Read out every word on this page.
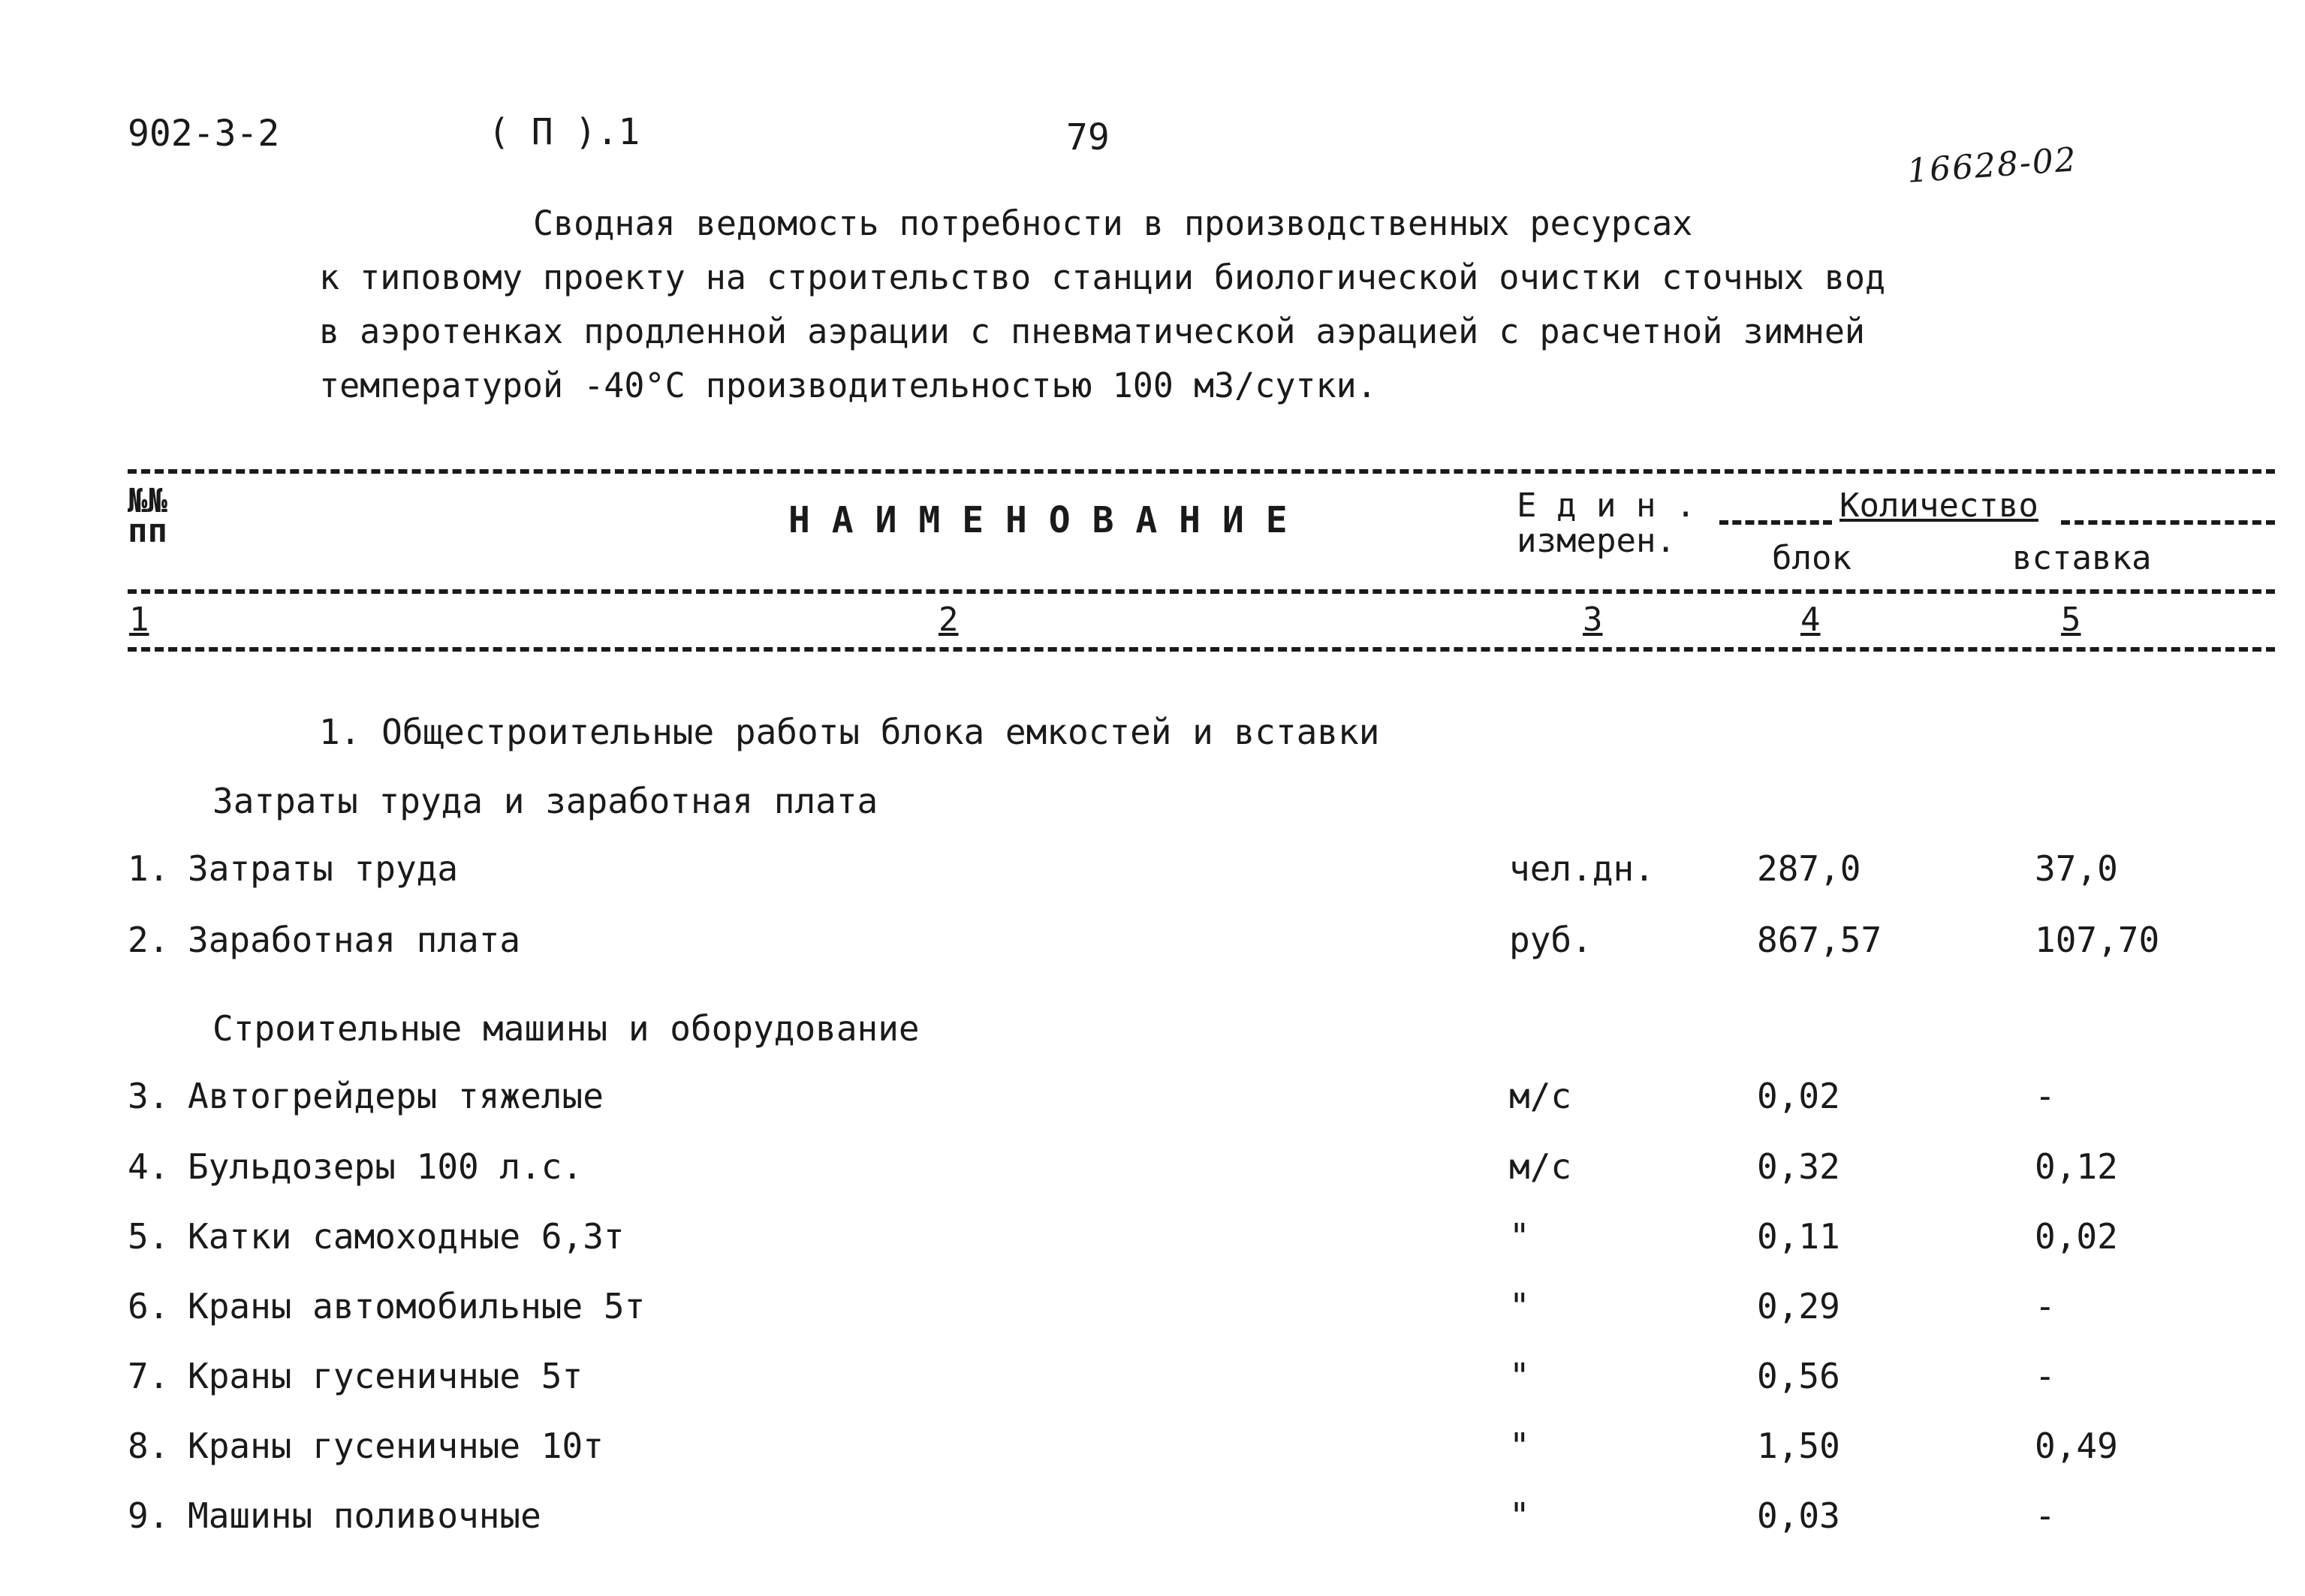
902-3-2	( П ).1	79
16628-02
Сводная ведомость потребности в производственных ресурсах
к типовому проекту на строительство станции биологической очистки сточных вод
в аэротенках продленной аэрации с пневматической аэрацией с расчетной зимней
температурой -40°С производительностью 100 м3/сутки.
№№
пп	Н А И М Е Н О В А Н И Е	Е д и н .
измерен.
Количество
блок	вставка
1	2	3	4	5
1. Общестроительные работы блока емкостей и вставки
Затраты труда и заработная плата
1. Затраты труда	чел.дн.	287,0	37,0
2. Заработная плата	руб.	867,57	107,70
Строительные машины и оборудование
3. Автогрейдеры тяжелые	м/с	0,02	-
4. Бульдозеры 100 л.с.	м/с	0,32	0,12
5. Катки самоходные 6,3т	"	0,11	0,02
6. Краны автомобильные 5т	"	0,29	-
7. Краны гусеничные 5т	"	0,56	-
8. Краны гусеничные 10т	"	1,50	0,49
9. Машины поливочные	"	0,03	-
